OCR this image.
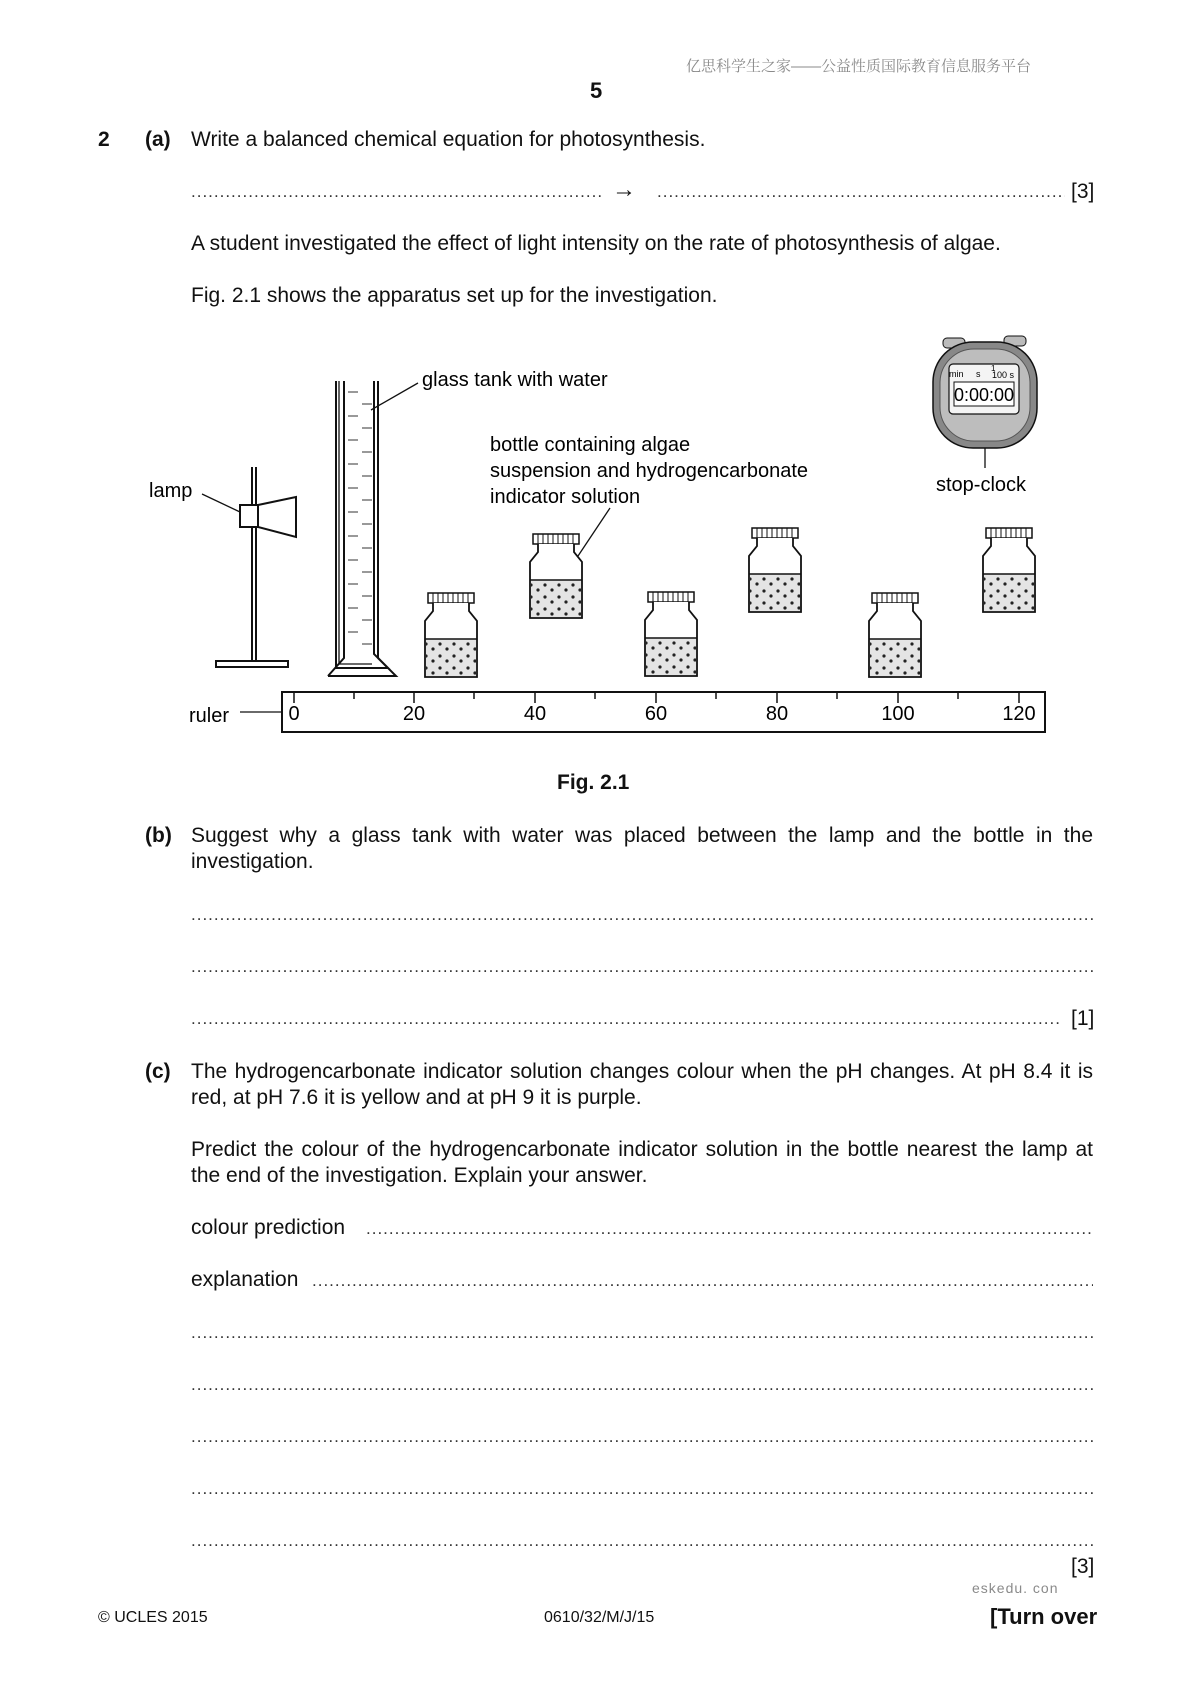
亿思科学生之家——公益性质国际教育信息服务平台
5
2 (a) Write a balanced chemical equation for photosynthesis.
.....
→
.....	[3]
A student investigated the effect of light intensity on the rate of photosynthesis of algae.
Fig. 2.1 shows the apparatus set up for the investigation.
glass tank with water
bottle containing algae
suspension and hydrogencarbonate
indicator solution
lamp
ruler
stop-clock
min s
1
100 s
0:00:00
0	20	40	60	80	100	120
Fig. 2.1
(b) Suggest why a glass tank with water was placed between the lamp and the bottle in the investigation.
.....
.....
.....
[1]
(c) The hydrogencarbonate indicator solution changes colour when the pH changes. At pH 8.4 it is red, at pH 7.6 it is yellow and at pH 9 it is purple.
Predict the colour of the hydrogencarbonate indicator solution in the bottle nearest the lamp at the end of the investigation. Explain your answer.
colour prediction
.....
explanation
.....
.....
.....
.....
.....
.....
[3]
eskedu. con
© UCLES 2015	0610/32/M/J/15	[Turn over
